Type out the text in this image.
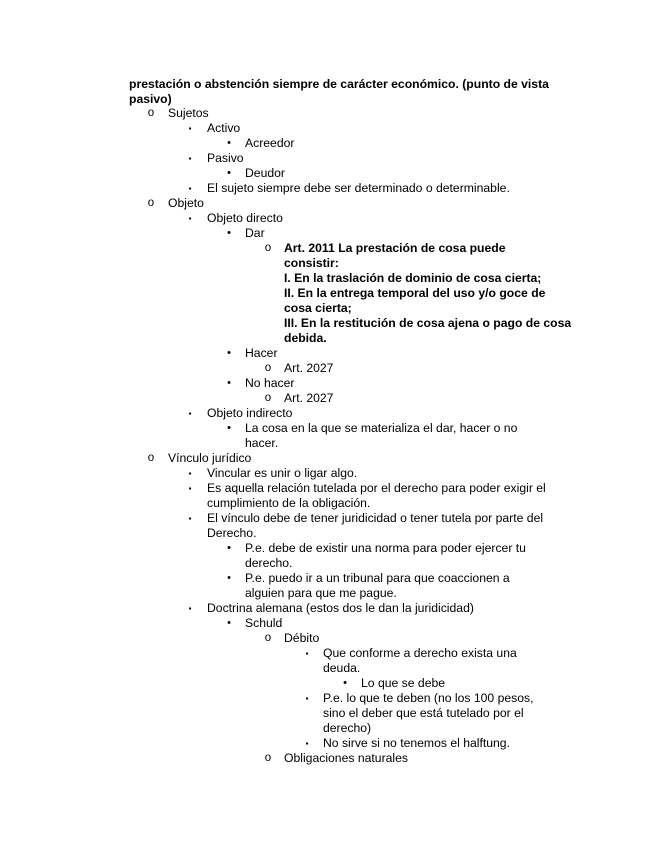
prestación o abstención siempre de carácter económico. (punto de vista pasivo)
o Sujetos
▪	Activo
•	Acreedor
▪	Pasivo
•	Deudor
▪	El sujeto siempre debe ser determinado o determinable.
o Objeto
▪	Objeto directo
•	Dar
o Art. 2011 La prestación de cosa puede consistir:
I. En la traslación de dominio de cosa cierta;
II. En la entrega temporal del uso y/o goce de cosa cierta;
III. En la restitución de cosa ajena o pago de cosa debida.
•	Hacer
o Art. 2027
•	No hacer
o Art. 2027
▪	Objeto indirecto
•	La cosa en la que se materializa el dar, hacer o no hacer.
o Vínculo jurídico
▪	Vincular es unir o ligar algo.
▪	Es aquella relación tutelada por el derecho para poder exigir el cumplimiento de la obligación.
▪	El vínculo debe de tener juridicidad o tener tutela por parte del Derecho.
•	P.e. debe de existir una norma para poder ejercer tu derecho.
•	P.e. puedo ir a un tribunal para que coaccionen a alguien para que me pague.
▪	Doctrina alemana (estos dos le dan la juridicidad)
•	Schuld
o Débito
▪	Que conforme a derecho exista una deuda.
•	Lo que se debe
▪	P.e. lo que te deben (no los 100 pesos, sino el deber que está tutelado por el derecho)
▪	No sirve si no tenemos el halftung.
o Obligaciones naturales
